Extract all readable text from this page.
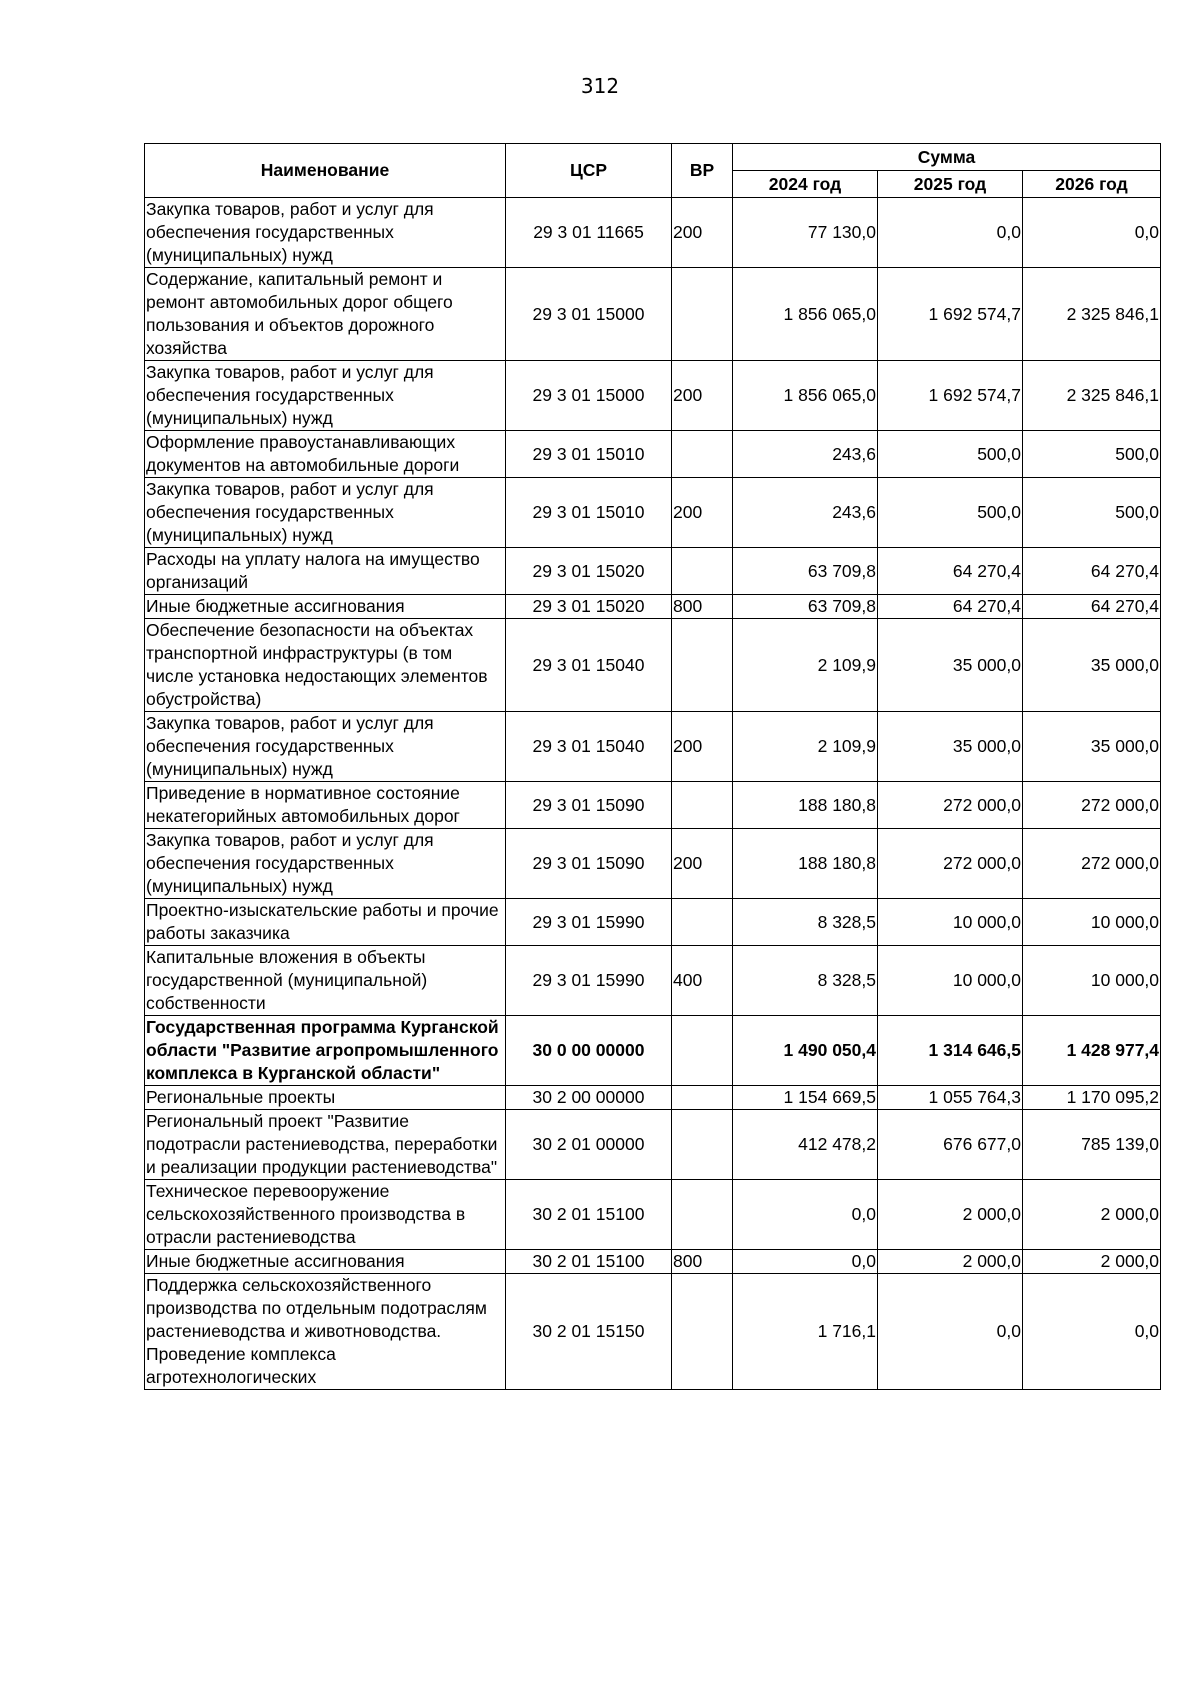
312
Наименование	ЦСР	ВР	Сумма		
			2024 год	2025 год	2026 год
Закупка товаров, работ и услуг для обеспечения государственных (муниципальных) нужд	29 3 01 11665	200	77 130,0	0,0	0,0
Содержание, капитальный ремонт и ремонт автомобильных дорог общего пользования и объектов дорожного хозяйства	29 3 01 15000		1 856 065,0	1 692 574,7	2 325 846,1
Закупка товаров, работ и услуг для обеспечения государственных (муниципальных) нужд	29 3 01 15000	200	1 856 065,0	1 692 574,7	2 325 846,1
Оформление правоустанавливающих документов на автомобильные дороги	29 3 01 15010		243,6	500,0	500,0
Закупка товаров, работ и услуг для обеспечения государственных (муниципальных) нужд	29 3 01 15010	200	243,6	500,0	500,0
Расходы на уплату налога на имущество организаций	29 3 01 15020		63 709,8	64 270,4	64 270,4
Иные бюджетные ассигнования	29 3 01 15020	800	63 709,8	64 270,4	64 270,4
Обеспечение безопасности на объектах транспортной инфраструктуры (в том числе установка недостающих элементов обустройства)	29 3 01 15040		2 109,9	35 000,0	35 000,0
Закупка товаров, работ и услуг для обеспечения государственных (муниципальных) нужд	29 3 01 15040	200	2 109,9	35 000,0	35 000,0
Приведение в нормативное состояние некатегорийных автомобильных дорог	29 3 01 15090		188 180,8	272 000,0	272 000,0
Закупка товаров, работ и услуг для обеспечения государственных (муниципальных) нужд	29 3 01 15090	200	188 180,8	272 000,0	272 000,0
Проектно-изыскательские работы и прочие работы заказчика	29 3 01 15990		8 328,5	10 000,0	10 000,0
Капитальные вложения в объекты государственной (муниципальной) собственности	29 3 01 15990	400	8 328,5	10 000,0	10 000,0
Государственная программа Курганской области "Развитие агропромышленного комплекса в Курганской области"	30 0 00 00000		1 490 050,4	1 314 646,5	1 428 977,4
Региональные проекты	30 2 00 00000		1 154 669,5	1 055 764,3	1 170 095,2
Региональный проект "Развитие подотрасли растениеводства, переработки и реализации продукции растениеводства"	30 2 01 00000		412 478,2	676 677,0	785 139,0
Техническое перевооружение сельскохозяйственного производства в отрасли растениеводства	30 2 01 15100		0,0	2 000,0	2 000,0
Иные бюджетные ассигнования	30 2 01 15100	800	0,0	2 000,0	2 000,0
Поддержка сельскохозяйственного производства по отдельным подотраслям растениеводства и животноводства. Проведение комплекса агротехнологических	30 2 01 15150		1 716,1	0,0	0,0
